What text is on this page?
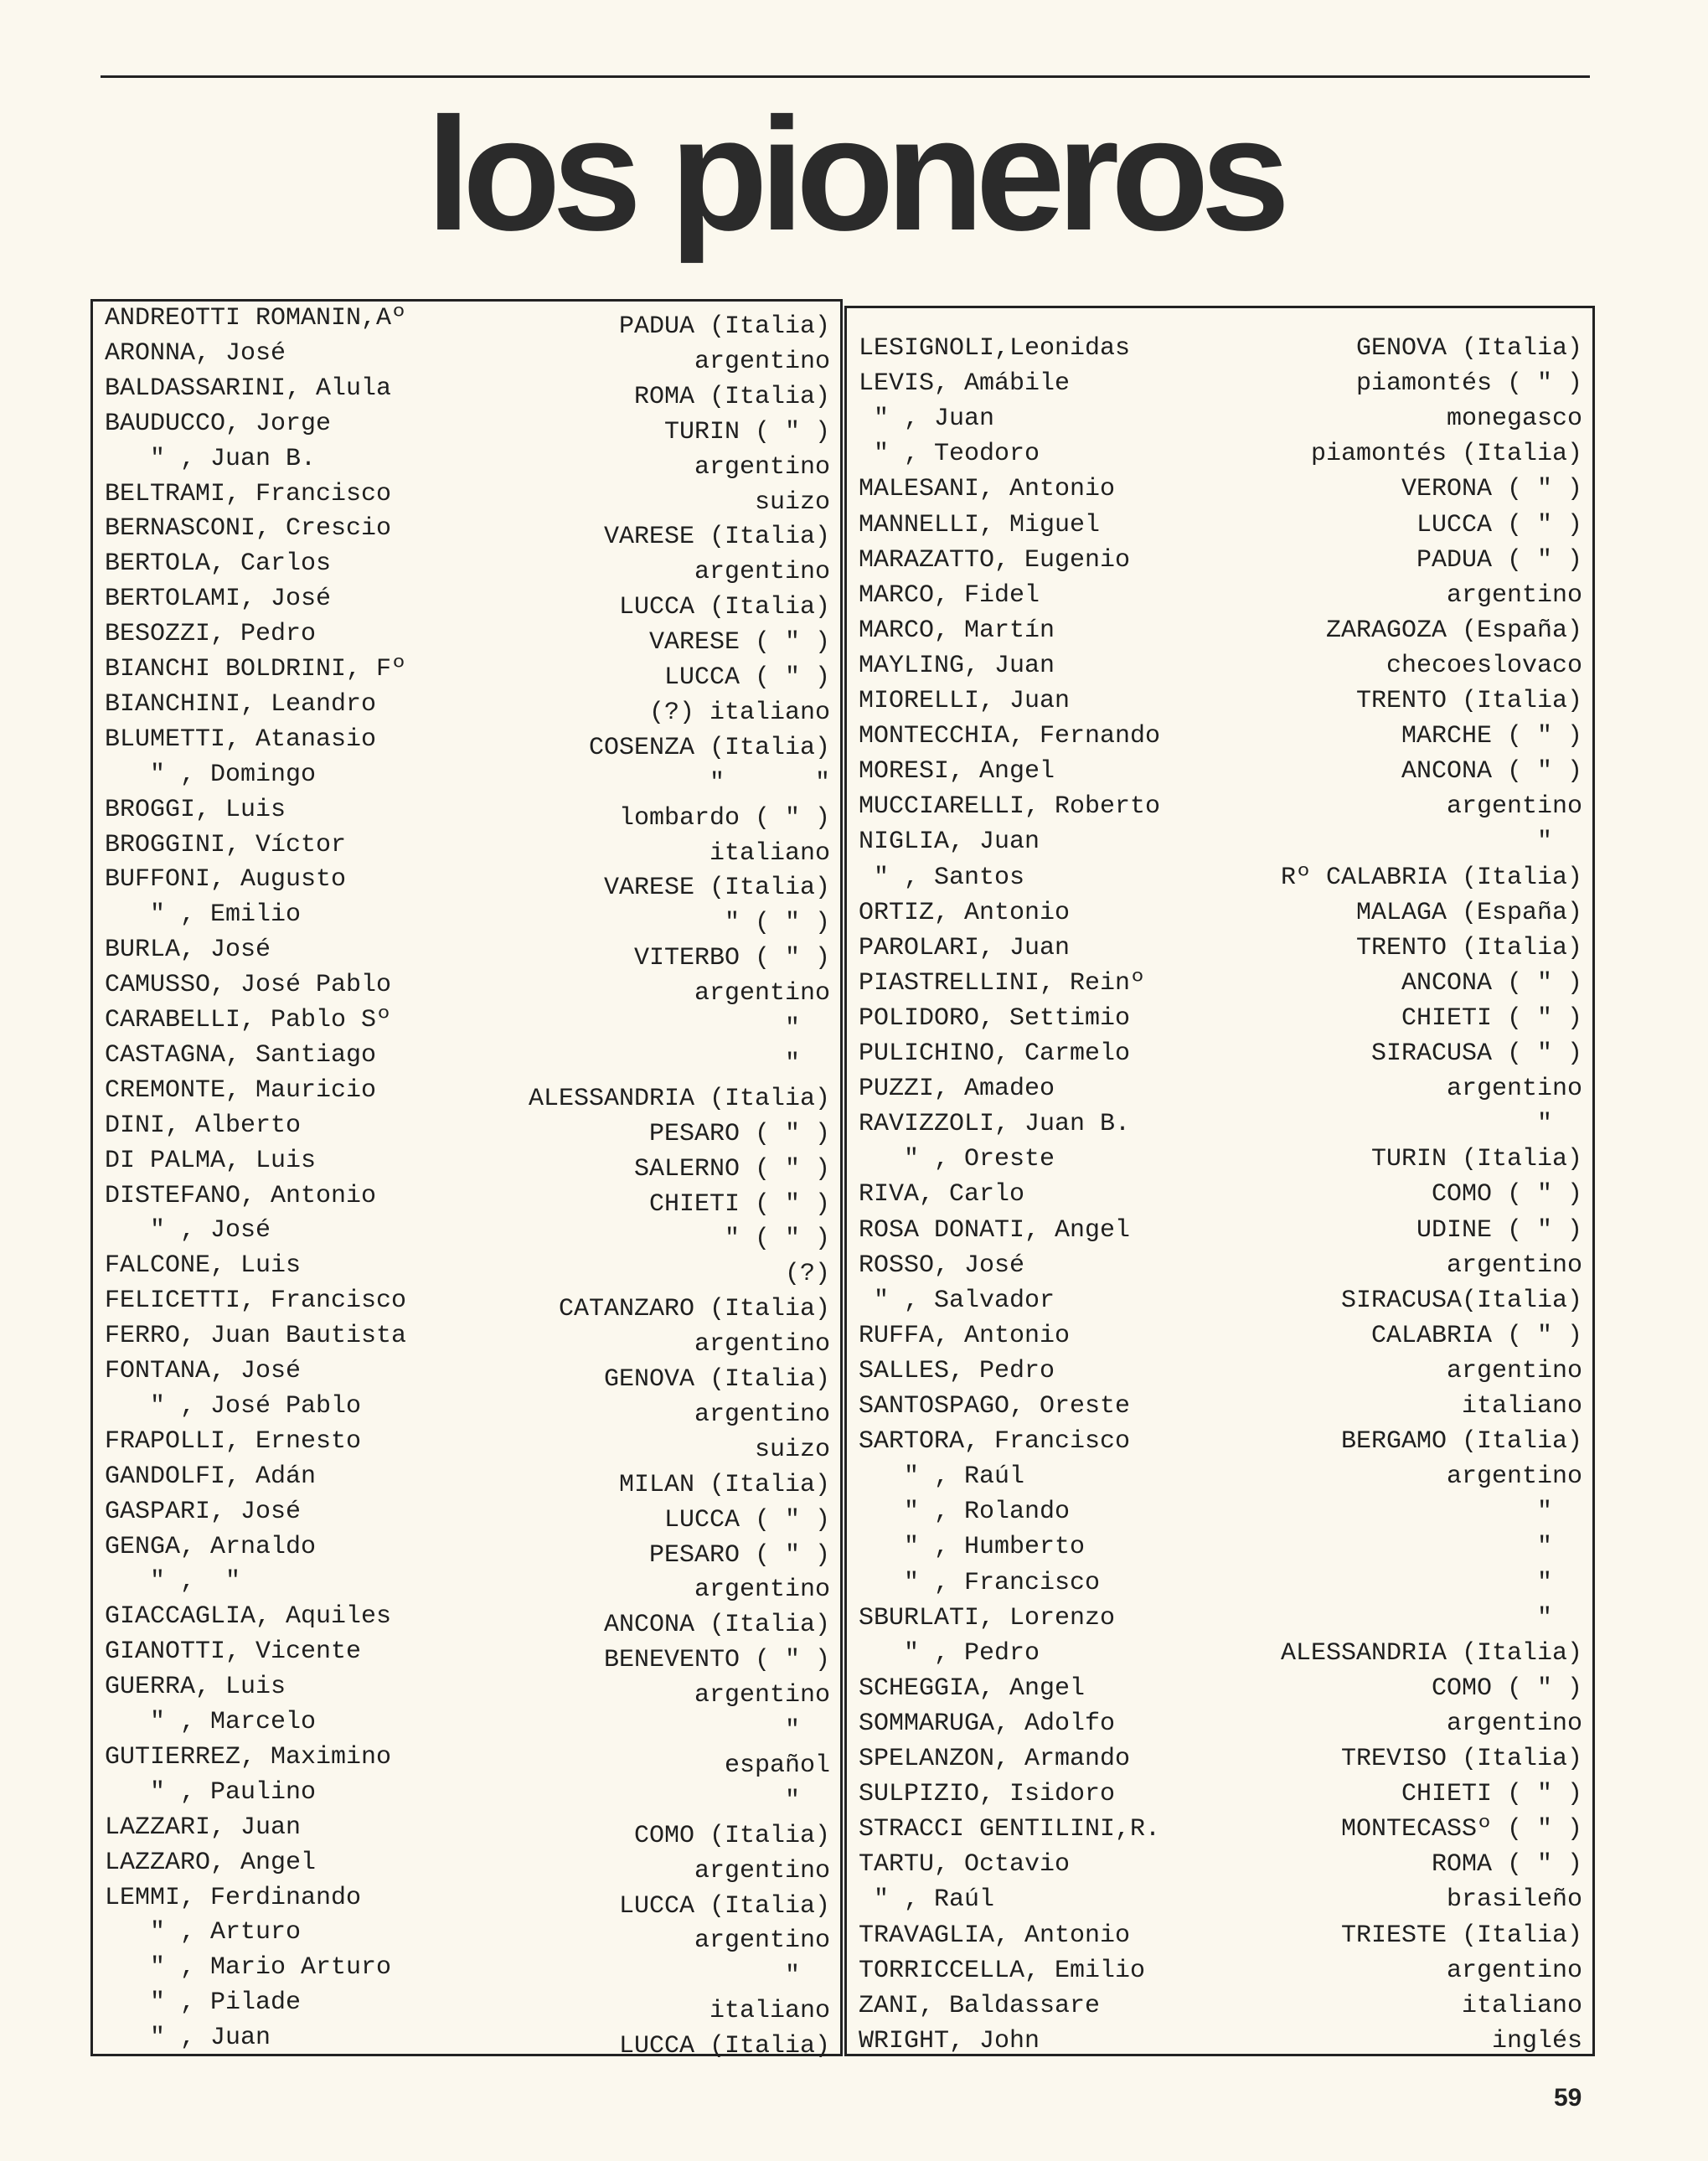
los pioneros
ANDREOTTI ROMANIN,Aº	PADUA (Italia)
ARONNA, José	argentino
BALDASSARINI, Alula	ROMA (Italia)
BAUDUCCO, Jorge	TURIN ( " )
" , Juan B.	argentino
BELTRAMI, Francisco	suizo
BERNASCONI, Crescio	VARESE (Italia)
BERTOLA, Carlos	argentino
BERTOLAMI, José	LUCCA (Italia)
BESOZZI, Pedro	VARESE ( " )
BIANCHI BOLDRINI, Fº	LUCCA ( " )
BIANCHINI, Leandro	(?) italiano
BLUMETTI, Atanasio	COSENZA (Italia)
" , Domingo	"      "
BROGGI, Luis	lombardo ( " )
BROGGINI, Víctor	italiano
BUFFONI, Augusto	VARESE (Italia)
" , Emilio	" ( " )
BURLA, José	VITERBO ( " )
CAMUSSO, José Pablo	argentino
CARABELLI, Pablo Sº	"
CASTAGNA, Santiago	"
CREMONTE, Mauricio	ALESSANDRIA (Italia)
DINI, Alberto	PESARO ( " )
DI PALMA, Luis	SALERNO ( " )
DISTEFANO, Antonio	CHIETI ( " )
" , José	" ( " )
FALCONE, Luis	(?)
FELICETTI, Francisco	CATANZARO (Italia)
FERRO, Juan Bautista	argentino
FONTANA, José	GENOVA (Italia)
" , José Pablo	argentino
FRAPOLLI, Ernesto	suizo
GANDOLFI, Adán	MILAN (Italia)
GASPARI, José	LUCCA ( " )
GENGA, Arnaldo	PESARO ( " )
" ,  "	argentino
GIACCAGLIA, Aquiles	ANCONA (Italia)
GIANOTTI, Vicente	BENEVENTO ( " )
GUERRA, Luis	argentino
" , Marcelo	"
GUTIERREZ, Maximino	español
" , Paulino	"
LAZZARI, Juan	COMO (Italia)
LAZZARO, Angel	argentino
LEMMI, Ferdinando	LUCCA (Italia)
" , Arturo	argentino
" , Mario Arturo	"
" , Pilade	italiano
" , Juan	LUCCA (Italia)
LESIGNOLI,Leonidas	GENOVA (Italia)
LEVIS, Amábile	piamontés ( " )
" , Juan	monegasco
" , Teodoro	piamontés (Italia)
MALESANI, Antonio	VERONA ( " )
MANNELLI, Miguel	LUCCA ( " )
MARAZATTO, Eugenio	PADUA ( " )
MARCO, Fidel	argentino
MARCO, Martín	ZARAGOZA (España)
MAYLING, Juan	checoeslovaco
MIORELLI, Juan	TRENTO (Italia)
MONTECCHIA, Fernando	MARCHE ( " )
MORESI, Angel	ANCONA ( " )
MUCCIARELLI, Roberto	argentino
NIGLIA, Juan	"
" , Santos	Rº CALABRIA (Italia)
ORTIZ, Antonio	MALAGA (España)
PAROLARI, Juan	TRENTO (Italia)
PIASTRELLINI, Reinº	ANCONA ( " )
POLIDORO, Settimio	CHIETI ( " )
PULICHINO, Carmelo	SIRACUSA ( " )
PUZZI, Amadeo	argentino
RAVIZZOLI, Juan B.	"
" , Oreste	TURIN (Italia)
RIVA, Carlo	COMO ( " )
ROSA DONATI, Angel	UDINE ( " )
ROSSO, José	argentino
" , Salvador	SIRACUSA(Italia)
RUFFA, Antonio	CALABRIA ( " )
SALLES, Pedro	argentino
SANTOSPAGO, Oreste	italiano
SARTORA, Francisco	BERGAMO (Italia)
" , Raúl	argentino
" , Rolando	"
" , Humberto	"
" , Francisco	"
SBURLATI, Lorenzo	"
" , Pedro	ALESSANDRIA (Italia)
SCHEGGIA, Angel	COMO ( " )
SOMMARUGA, Adolfo	argentino
SPELANZON, Armando	TREVISO (Italia)
SULPIZIO, Isidoro	CHIETI ( " )
STRACCI GENTILINI,R.	MONTECASSº ( " )
TARTU, Octavio	ROMA ( " )
" , Raúl	brasileño
TRAVAGLIA, Antonio	TRIESTE (Italia)
TORRICCELLA, Emilio	argentino
ZANI, Baldassare	italiano
WRIGHT, John	inglés
59
